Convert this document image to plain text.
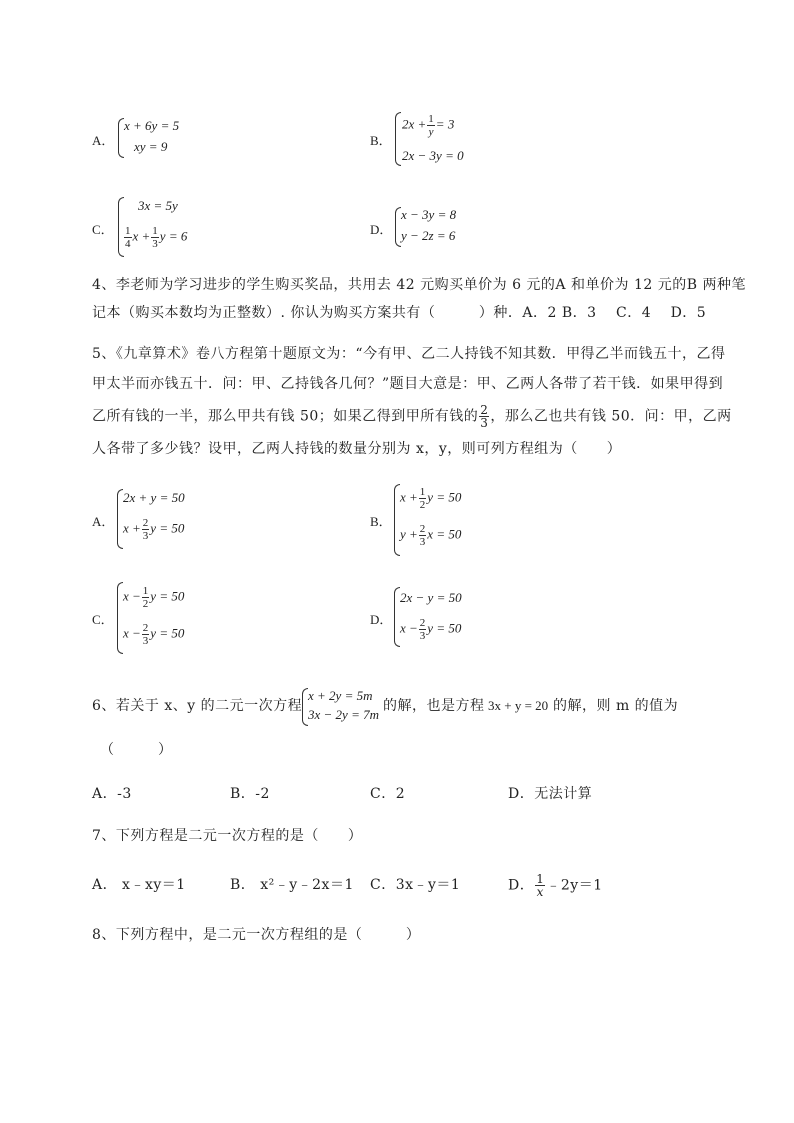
A．
x + 6y = 5
xy = 9	B．
$2x + \frac{1}{y} = 3$
2x − 3y = 0
C．
3x = 5y
$\frac{1}{4}$ $x + \frac{1}{3}$ y = 6	D．
x − 3y = 8
y − 2z = 6
4、李老师为学习进步的学生购买奖品，共用去 42 元购买单价为 6 元的A 和单价为 12 元的B 两种笔
记本（购买本数均为正整数）. 你认为购买方案共有（　　　）种．A．2 B．3　 C．4　 D．5
5、《九章算术》卷八方程第十题原文为：“今有甲、乙二人持钱不知其数．甲得乙半而钱五十，乙得
甲太半而亦钱五十．问：甲、乙持钱各几何？”题目大意是：甲、乙两人各带了若干钱．如果甲得到
乙所有钱的一半，那么甲共有钱 50；如果乙得到甲所有钱的 $\frac{2}{3}$ ，那么乙也共有钱 50．问：甲，乙两
人各带了多少钱？设甲，乙两人持钱的数量分别为 x，y，则可列方程组为（　　）
A．
2x + y = 50
$x + \frac{2}{3}$ y = 50	B．
$x + \frac{1}{2}$ y = 50
$y + \frac{2}{3}$ x = 50
C．
$x - \frac{1}{2}$ y = 50
$x - \frac{2}{3}$ y = 50
D．
2x − y = 50
$x - \frac{2}{3}$ y = 50
6、若关于 x、y 的二元一次方程
x + 2y = 5m
3x − 2y = 7m
的解，也是方程 3x + y = 20 的解，则 m 的值为
（　　　）
A．-3	B．-2	C．2	D．无法计算
7、下列方程是二元一次方程的是（　　）
A． x﹣xy＝1	B． x²﹣y﹣2x＝1 C．3x﹣y＝1	D． $\frac{1}{x}$ ﹣2y＝1
8、下列方程中，是二元一次方程组的是（　　　）
